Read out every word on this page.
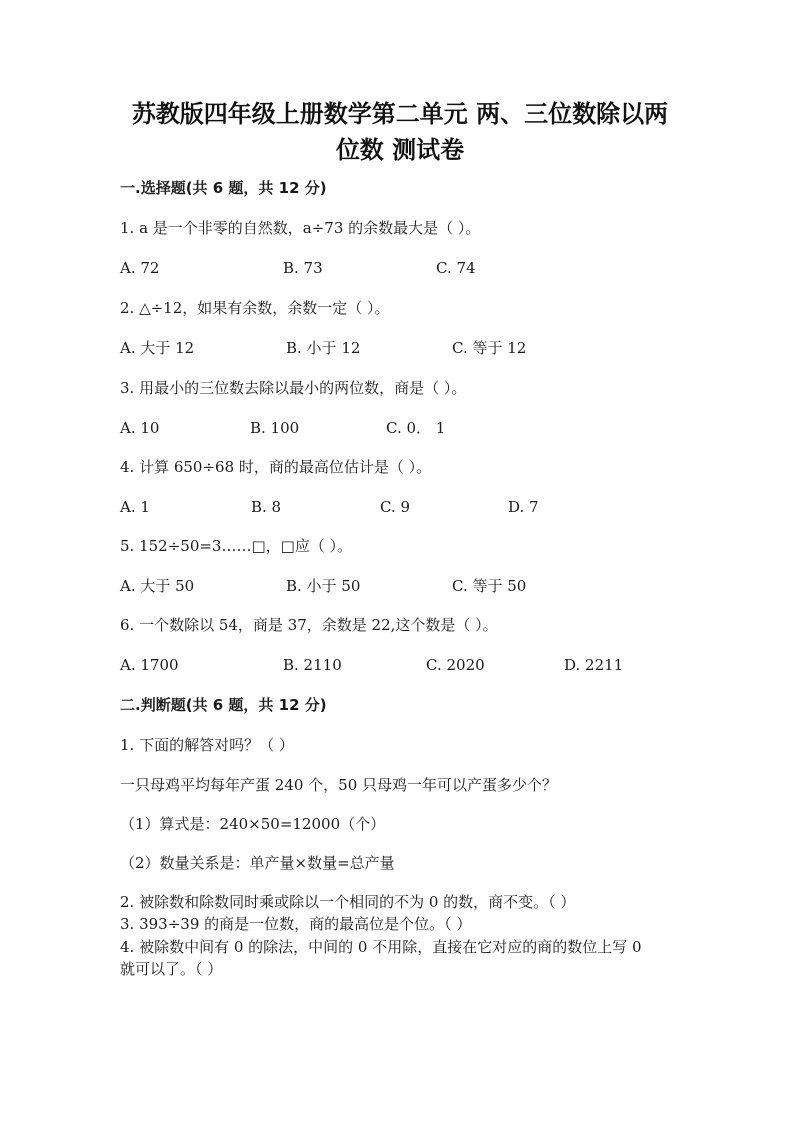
苏教版四年级上册数学第二单元 两、三位数除以两
位数 测试卷
一.选择题(共 6 题，共 12 分)
1. a 是一个非零的自然数，a÷73 的余数最大是（ ）。
A. 72	B. 73	C. 74
2. △÷12，如果有余数，余数一定（ ）。
A. 大于 12	B. 小于 12	C. 等于 12
3. 用最小的三位数去除以最小的两位数，商是（ ）。
A. 10	B. 100	C. 0． 1
4. 计算 650÷68 时，商的最高位估计是（ ）。
A. 1	B. 8	C. 9	D. 7
5. 152÷50=3……□，□应（ ）。
A. 大于 50	B. 小于 50	C. 等于 50
6. 一个数除以 54，商是 37，余数是 22,这个数是（ ）。
A. 1700	B. 2110	C. 2020	D. 2211
二.判断题(共 6 题，共 12 分)
1. 下面的解答对吗？（ ）
一只母鸡平均每年产蛋 240 个，50 只母鸡一年可以产蛋多少个？
（1）算式是：240×50=12000（个）
（2）数量关系是：单产量×数量=总产量
2. 被除数和除数同时乘或除以一个相同的不为 0 的数，商不变。（ ）
3. 393÷39 的商是一位数，商的最高位是个位。（ ）
4. 被除数中间有 0 的除法，中间的 0 不用除，直接在它对应的商的数位上写 0
就可以了。（ ）
